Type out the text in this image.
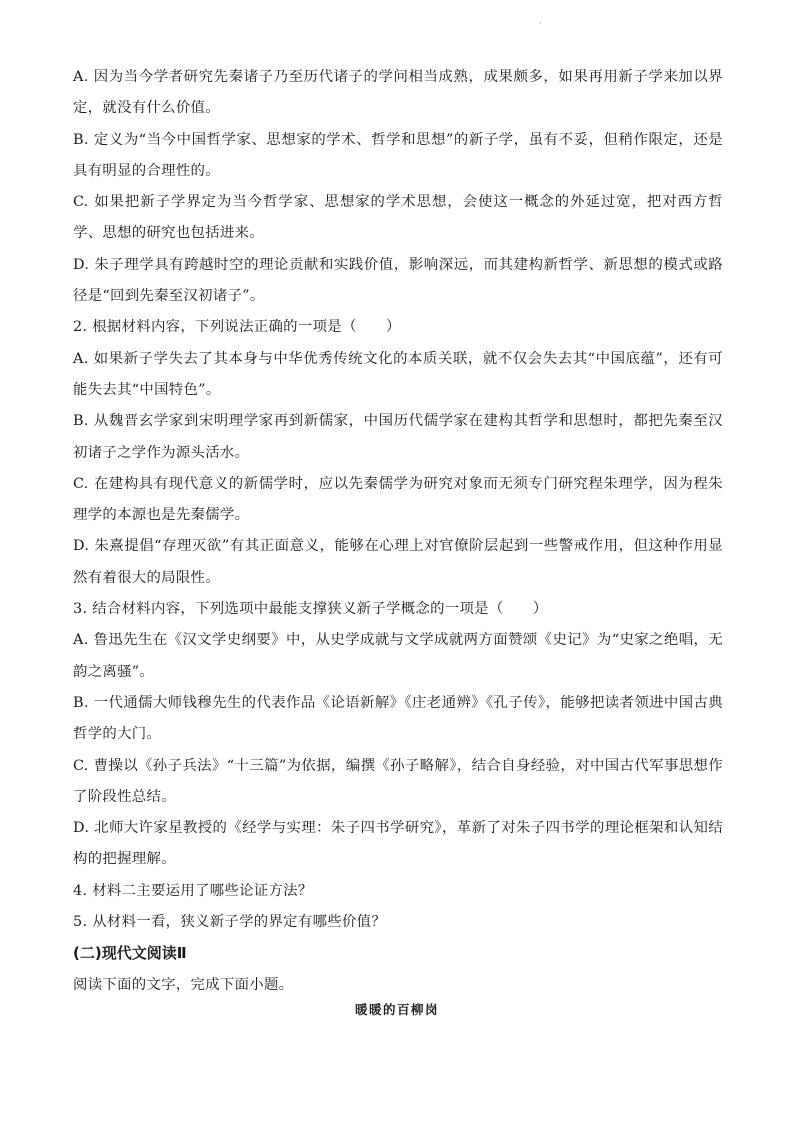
·

A. 因为当今学者研究先秦诸子乃至历代诸子的学问相当成熟，成果颇多，如果再用新子学来加以界定，就没有什么价值。

B. 定义为“当今中国哲学家、思想家的学术、哲学和思想”的新子学，虽有不妥，但稍作限定，还是具有明显的合理性的。

C. 如果把新子学界定为当今哲学家、思想家的学术思想，会使这一概念的外延过宽，把对西方哲学、思想的研究也包括进来。

D. 朱子理学具有跨越时空的理论贡献和实践价值，影响深远，而其建构新哲学、新思想的模式或路径是“回到先秦至汉初诸子”。

2. 根据材料内容，下列说法正确的一项是（　　）

A. 如果新子学失去了其本身与中华优秀传统文化的本质关联，就不仅会失去其“中国底蕴”，还有可能失去其“中国特色”。

B. 从魏晋玄学家到宋明理学家再到新儒家，中国历代儒学家在建构其哲学和思想时，都把先秦至汉初诸子之学作为源头活水。

C. 在建构具有现代意义的新儒学时，应以先秦儒学为研究对象而无须专门研究程朱理学，因为程朱理学的本源也是先秦儒学。

D. 朱熹提倡“存理灭欲”有其正面意义，能够在心理上对官僚阶层起到一些警戒作用，但这种作用显然有着很大的局限性。

3. 结合材料内容，下列选项中最能支撑狭义新子学概念的一项是（　　）

A. 鲁迅先生在《汉文学史纲要》中，从史学成就与文学成就两方面赞颂《史记》为“史家之绝唱，无韵之离骚”。

B. 一代通儒大师钱穆先生的代表作品《论语新解》《庄老通辨》《孔子传》，能够把读者领进中国古典哲学的大门。

C. 曹操以《孙子兵法》“十三篇”为依据，编撰《孙子略解》，结合自身经验，对中国古代军事思想作了阶段性总结。

D. 北师大许家星教授的《经学与实理：朱子四书学研究》，革新了对朱子四书学的理论框架和认知结构的把握理解。

4. 材料二主要运用了哪些论证方法？

5. 从材料一看，狭义新子学的界定有哪些价值？

(二)现代文阅读Ⅱ

阅读下面的文字，完成下面小题。

暖暖的百柳岗
